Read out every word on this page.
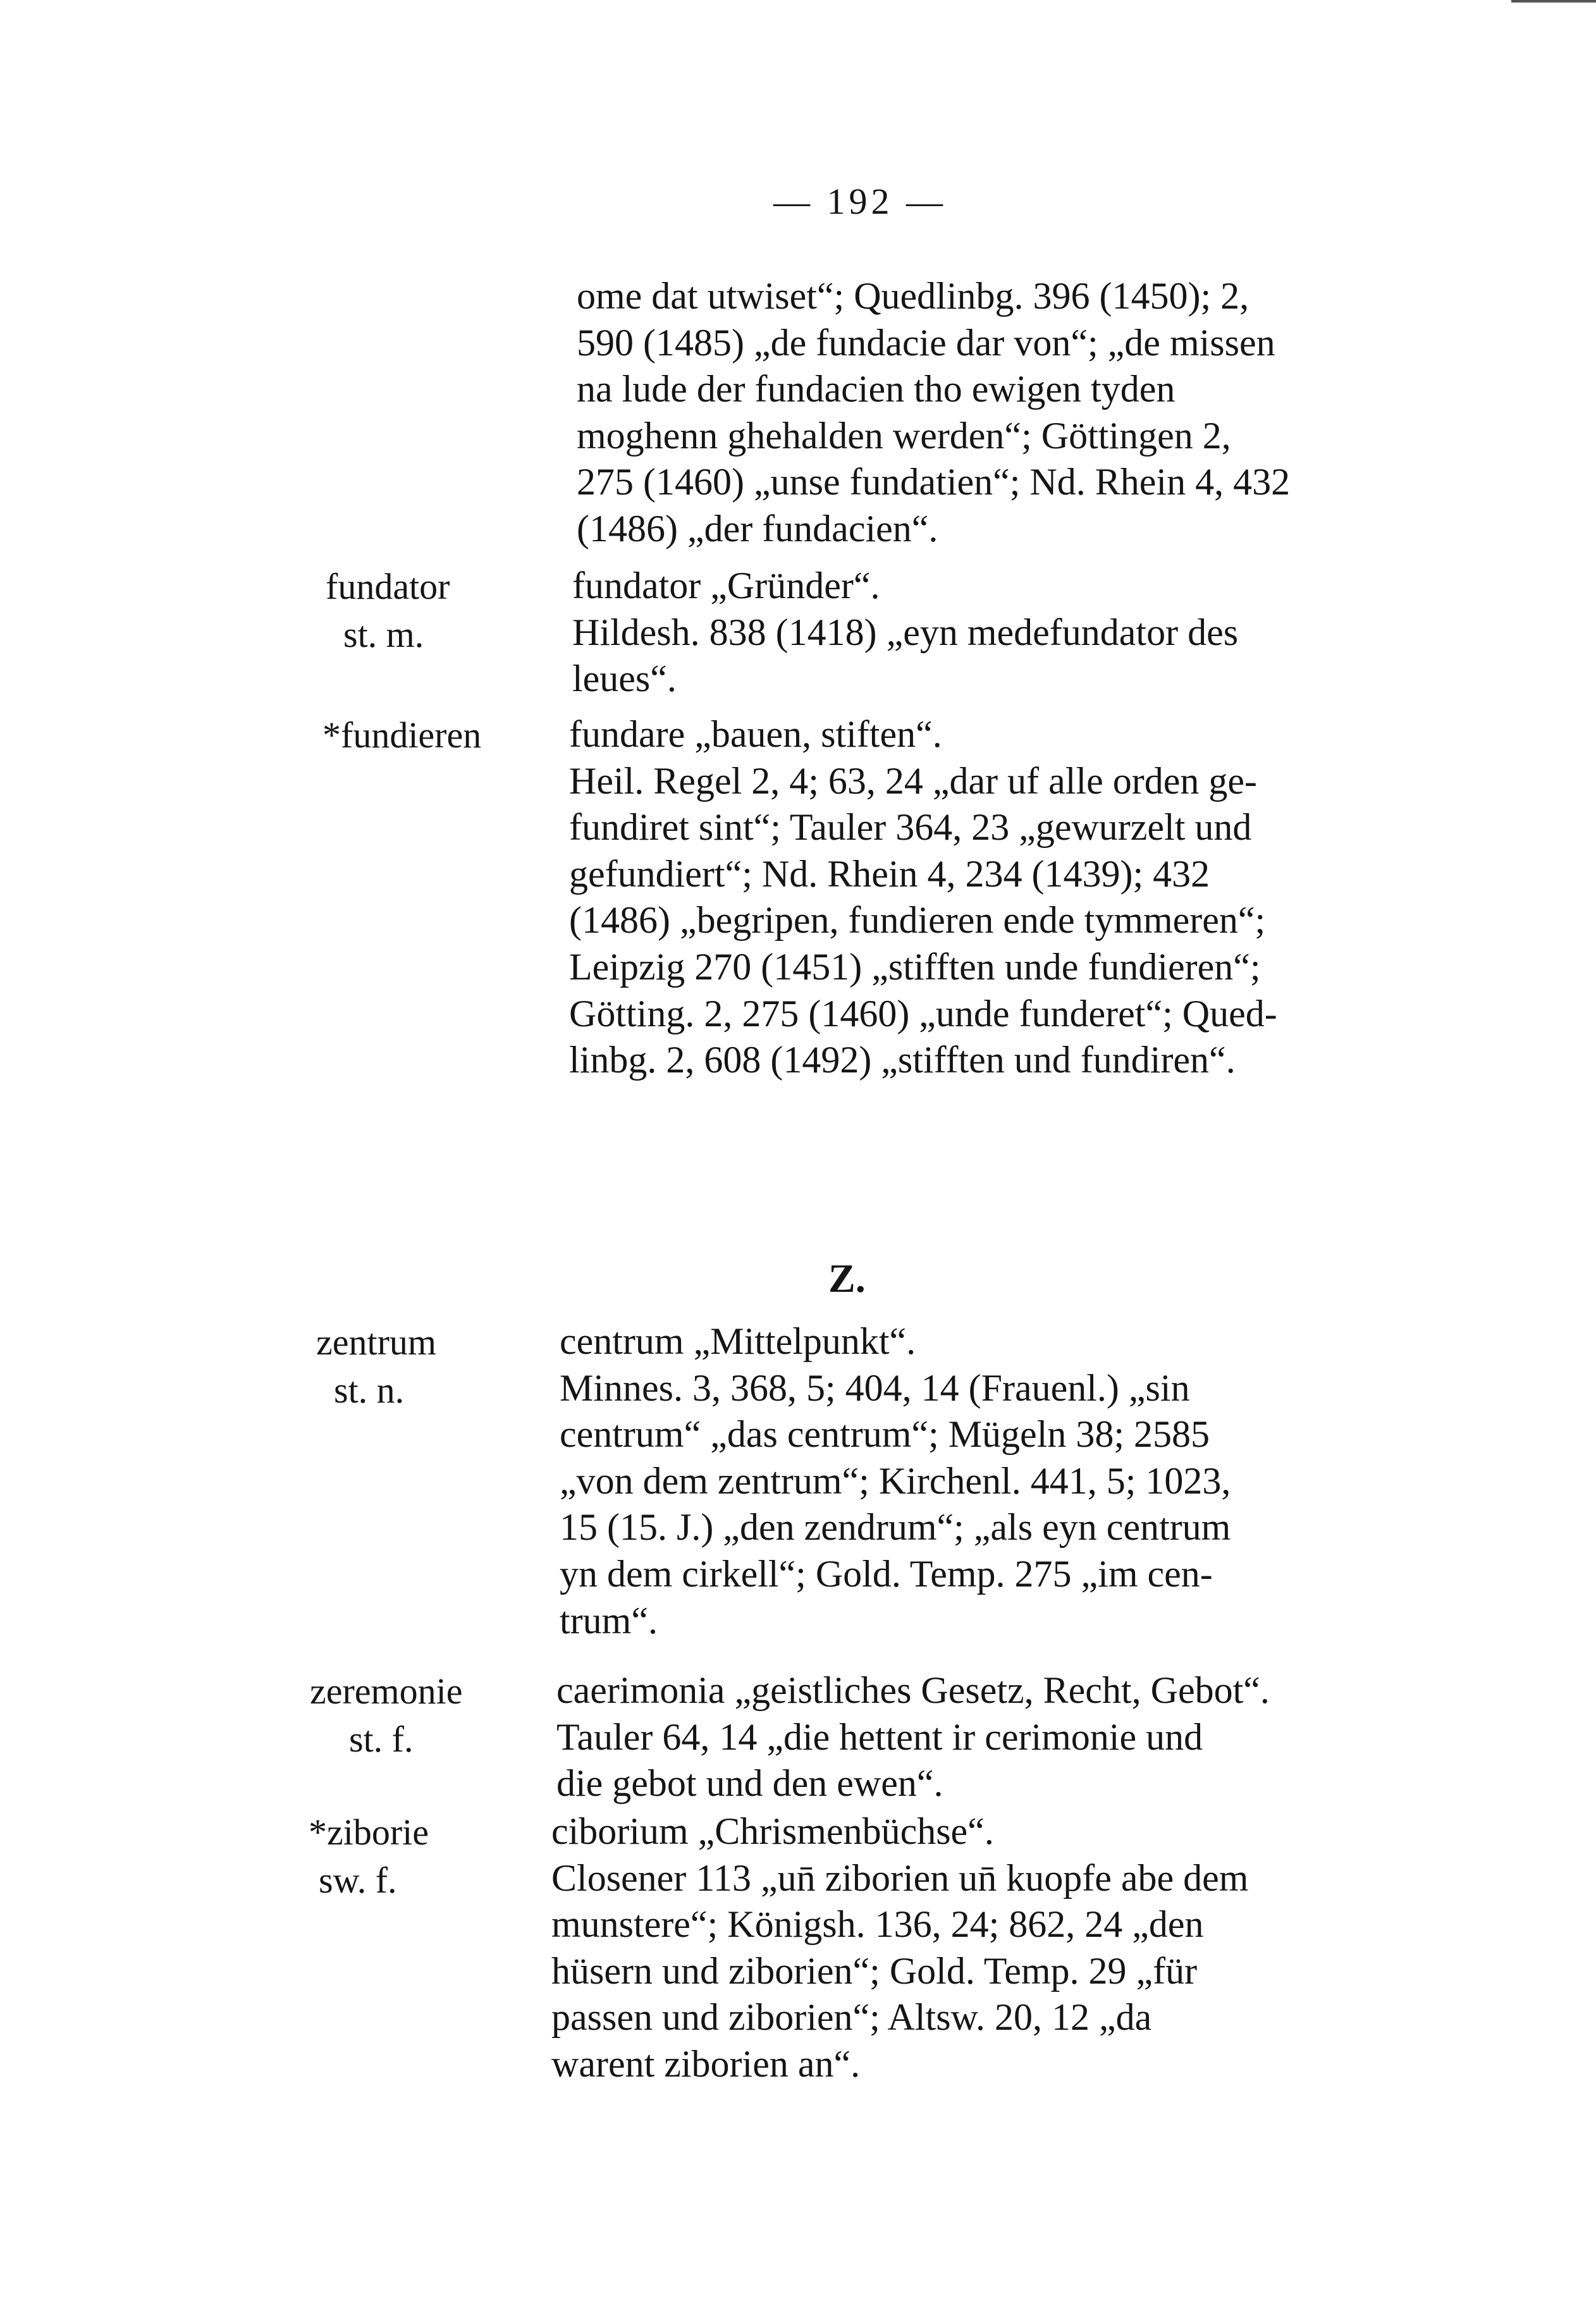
— 192 —
ome dat utwiset“; Quedlinbg. 396 (1450); 2,
590 (1485) „de fundacie dar von“; „de missen
na lude der fundacien tho ewigen tyden
moghenn ghehalden werden“; Göttingen 2,
275 (1460) „unse fundatien“; Nd. Rhein 4, 432
(1486) „der fundacien“.
fundator
st. m.
fundator „Gründer“.
Hildesh. 838 (1418) „eyn medefundator des
leues“.
*fundieren fundare „bauen, stiften“.
Heil. Regel 2, 4; 63, 24 „dar uf alle orden ge-
fundiret sint“; Tauler 364, 23 „gewurzelt und
gefundiert“; Nd. Rhein 4, 234 (1439); 432
(1486) „begripen, fundieren ende tymmeren“;
Leipzig 270 (1451) „stifften unde fundieren“;
Götting. 2, 275 (1460) „unde funderet“; Qued-
linbg. 2, 608 (1492) „stifften und fundiren“.
Z.
zentrum
st. n.
centrum „Mittelpunkt“.
Minnes. 3, 368, 5; 404, 14 (Frauenl.) „sin
centrum“ „das centrum“; Mügeln 38; 2585
„von dem zentrum“; Kirchenl. 441, 5; 1023,
15 (15. J.) „den zendrum“; „als eyn centrum
yn dem cirkell“; Gold. Temp. 275 „im cen-
trum“.
zeremonie
st. f.
caerimonia „geistliches Gesetz, Recht, Gebot“.
Tauler 64, 14 „die hettent ir cerimonie und
die gebot und den ewen“.
*ziborie
sw. f.
ciborium „Chrismenbüchse“.
Closener 113 „un̄ ziborien un̄ kuopfe abe dem
munstere“; Königsh. 136, 24; 862, 24 „den
hüsern und ziborien“; Gold. Temp. 29 „für
passen und ziborien“; Altsw. 20, 12 „da
warent ziborien an“.
